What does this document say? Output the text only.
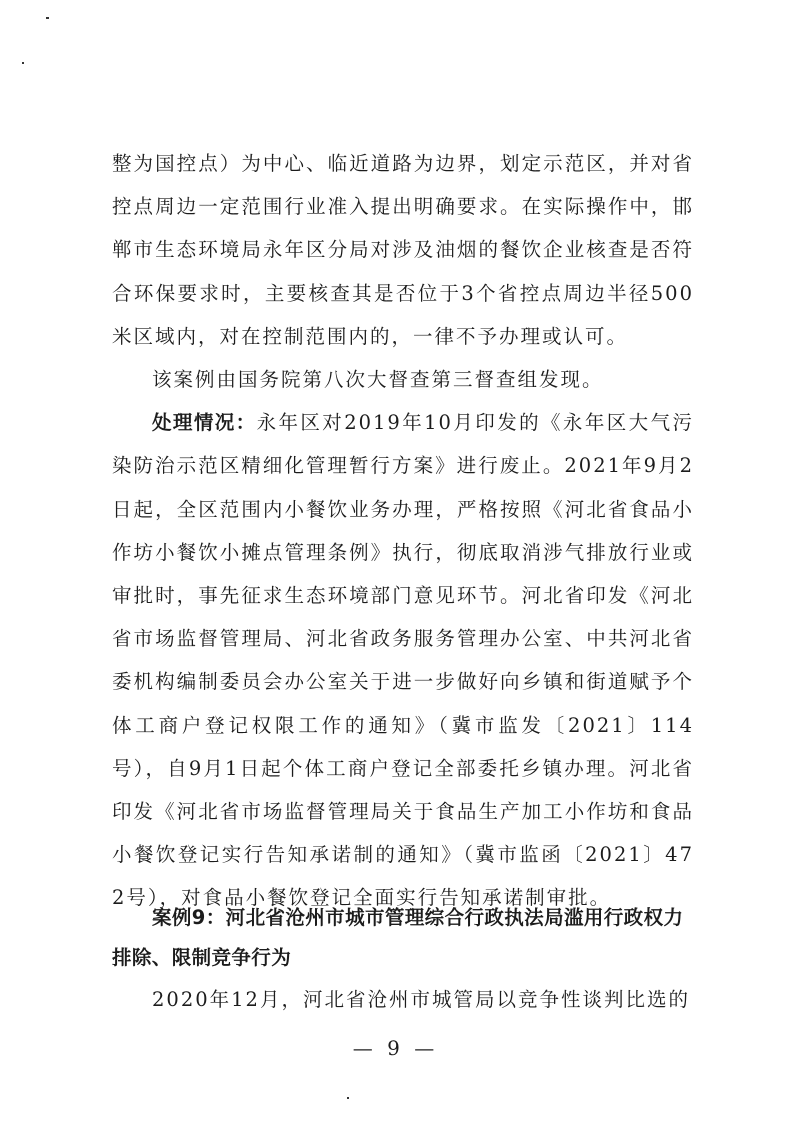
整为国控点）为中心、临近道路为边界，划定示范区，并对省控点周边一定范围行业准入提出明确要求。在实际操作中，邯郸市生态环境局永年区分局对涉及油烟的餐饮企业核查是否符合环保要求时，主要核查其是否位于3个省控点周边半径500米区域内，对在控制范围内的，一律不予办理或认可。

该案例由国务院第八次大督查第三督查组发现。

处理情况：永年区对2019年10月印发的《永年区大气污染防治示范区精细化管理暂行方案》进行废止。2021年9月2日起，全区范围内小餐饮业务办理，严格按照《河北省食品小作坊小餐饮小摊点管理条例》执行，彻底取消涉气排放行业或审批时，事先征求生态环境部门意见环节。河北省印发《河北省市场监督管理局、河北省政务服务管理办公室、中共河北省委机构编制委员会办公室关于进一步做好向乡镇和街道赋予个体工商户登记权限工作的通知》（冀市监发〔2021〕114号），自9月1日起个体工商户登记全部委托乡镇办理。河北省印发《河北省市场监督管理局关于食品生产加工小作坊和食品小餐饮登记实行告知承诺制的通知》（冀市监函〔2021〕472号），对食品小餐饮登记全面实行告知承诺制审批。

案例9：河北省沧州市城市管理综合行政执法局滥用行政权力排除、限制竞争行为

2020年12月，河北省沧州市城管局以竞争性谈判比选的

— 9 —
